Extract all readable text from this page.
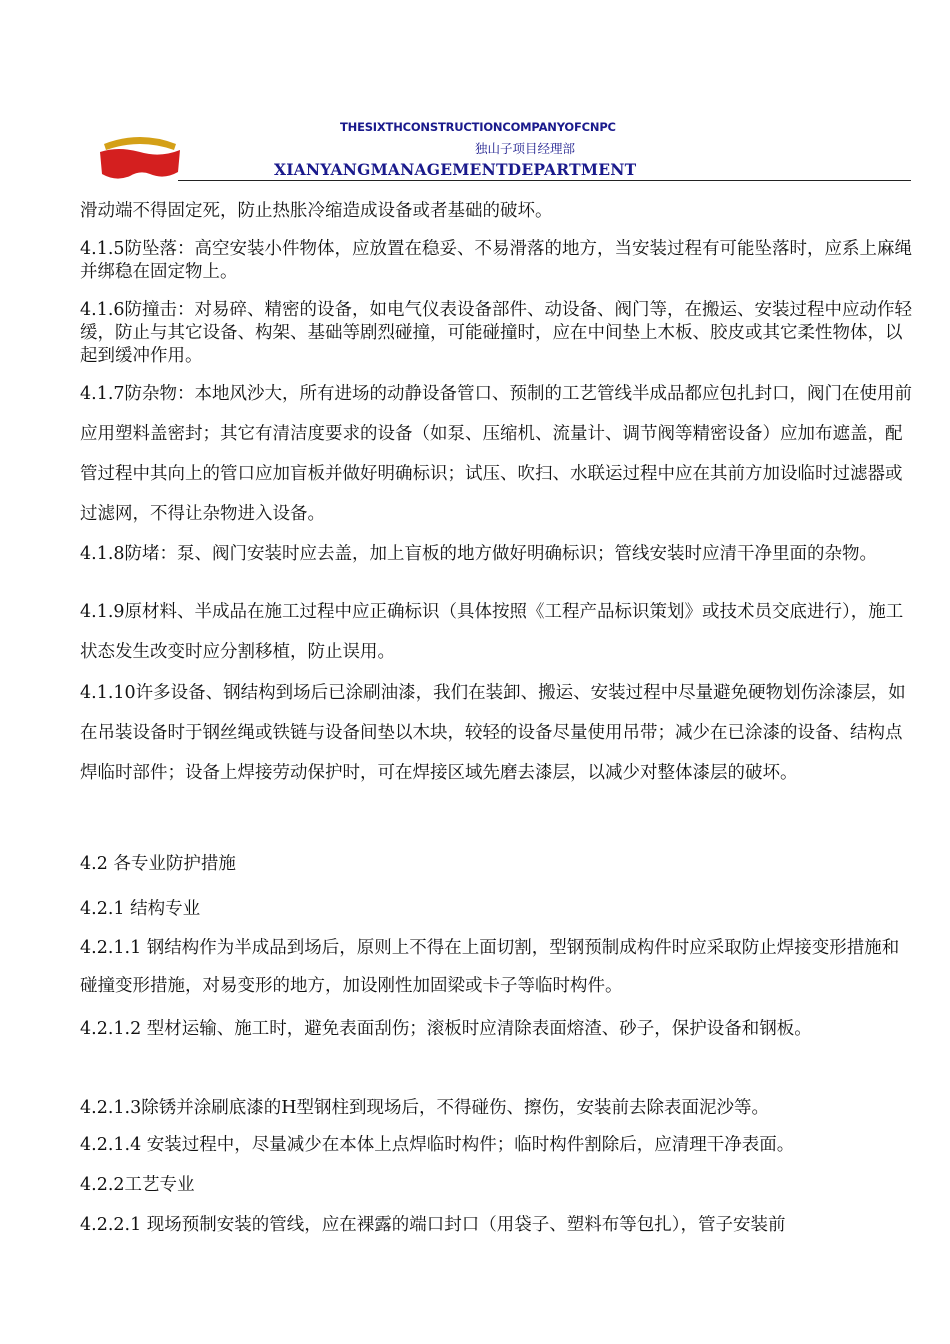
THESIXTHCONSTRUCTIONCOMPANYOFCNPC
独山子项目经理部
XIANYANGMANAGEMENTDEPARTMENT

滑动端不得固定死，防止热胀冷缩造成设备或者基础的破坏。

4.1.5防坠落：高空安装小件物体，应放置在稳妥、不易滑落的地方，当安装过程有可能坠落时，应系上麻绳并绑稳在固定物上。

4.1.6防撞击：对易碎、精密的设备，如电气仪表设备部件、动设备、阀门等，在搬运、安装过程中应动作轻缓，防止与其它设备、构架、基础等剧烈碰撞，可能碰撞时，应在中间垫上木板、胶皮或其它柔性物体，以起到缓冲作用。

4.1.7防杂物：本地风沙大，所有进场的动静设备管口、预制的工艺管线半成品都应包扎封口，阀门在使用前应用塑料盖密封；其它有清洁度要求的设备（如泵、压缩机、流量计、调节阀等精密设备）应加布遮盖，配管过程中其向上的管口应加盲板并做好明确标识；试压、吹扫、水联运过程中应在其前方加设临时过滤器或过滤网，不得让杂物进入设备。

4.1.8防堵：泵、阀门安装时应去盖，加上盲板的地方做好明确标识；管线安装时应清干净里面的杂物。

4.1.9原材料、半成品在施工过程中应正确标识（具体按照《工程产品标识策划》或技术员交底进行），施工状态发生改变时应分割移植，防止误用。

4.1.10许多设备、钢结构到场后已涂刷油漆，我们在装卸、搬运、安装过程中尽量避免硬物划伤涂漆层，如在吊装设备时于钢丝绳或铁链与设备间垫以木块，较轻的设备尽量使用吊带；减少在已涂漆的设备、结构点焊临时部件；设备上焊接劳动保护时，可在焊接区域先磨去漆层，以减少对整体漆层的破坏。

4.2 各专业防护措施

4.2.1 结构专业

4.2.1.1 钢结构作为半成品到场后，原则上不得在上面切割，型钢预制成构件时应采取防止焊接变形措施和碰撞变形措施，对易变形的地方，加设刚性加固梁或卡子等临时构件。

4.2.1.2 型材运输、施工时，避免表面刮伤；滚板时应清除表面熔渣、砂子，保护设备和钢板。

4.2.1.3除锈并涂刷底漆的H型钢柱到现场后，不得碰伤、擦伤，安装前去除表面泥沙等。

4.2.1.4 安装过程中，尽量减少在本体上点焊临时构件；临时构件割除后，应清理干净表面。

4.2.2工艺专业

4.2.2.1 现场预制安装的管线，应在裸露的端口封口（用袋子、塑料布等包扎），管子安装前
